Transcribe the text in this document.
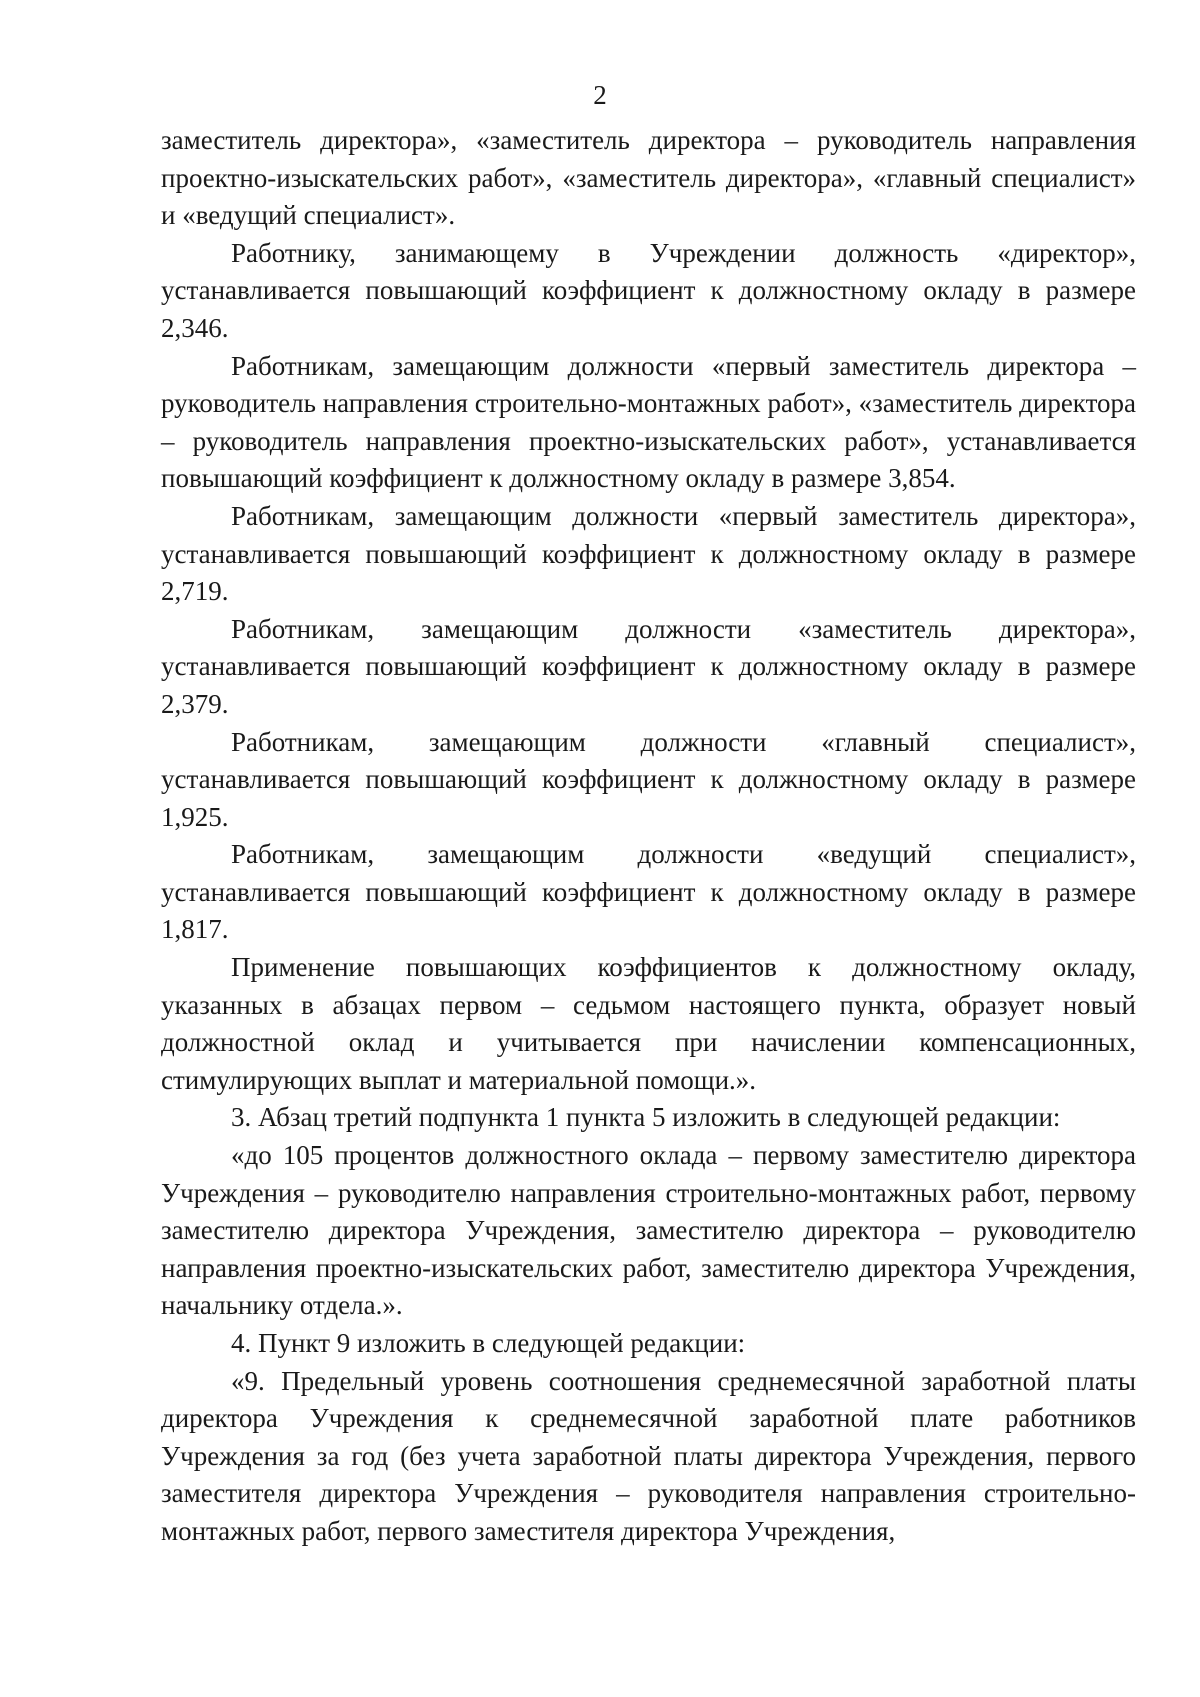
2

заместитель директора», «заместитель директора – руководитель направления проектно-изыскательских работ», «заместитель директора», «главный специалист» и «ведущий специалист».

Работнику, занимающему в Учреждении должность «директор», устанавливается повышающий коэффициент к должностному окладу в размере 2,346.

Работникам, замещающим должности «первый заместитель директора – руководитель направления строительно-монтажных работ», «заместитель директора – руководитель направления проектно-изыскательских работ», устанавливается повышающий коэффициент к должностному окладу в размере 3,854.

Работникам, замещающим должности «первый заместитель директора», устанавливается повышающий коэффициент к должностному окладу в размере 2,719.

Работникам, замещающим должности «заместитель директора», устанавливается повышающий коэффициент к должностному окладу в размере 2,379.

Работникам, замещающим должности «главный специалист», устанавливается повышающий коэффициент к должностному окладу в размере 1,925.

Работникам, замещающим должности «ведущий специалист», устанавливается повышающий коэффициент к должностному окладу в размере 1,817.

Применение повышающих коэффициентов к должностному окладу, указанных в абзацах первом – седьмом настоящего пункта, образует новый должностной оклад и учитывается при начислении компенсационных, стимулирующих выплат и материальной помощи.».

3. Абзац третий подпункта 1 пункта 5 изложить в следующей редакции:

«до 105 процентов должностного оклада – первому заместителю директора Учреждения – руководителю направления строительно-монтажных работ, первому заместителю директора Учреждения, заместителю директора – руководителю направления проектно-изыскательских работ, заместителю директора Учреждения, начальнику отдела.».

4. Пункт 9 изложить в следующей редакции:

«9. Предельный уровень соотношения среднемесячной заработной платы директора Учреждения к среднемесячной заработной плате работников Учреждения за год (без учета заработной платы директора Учреждения, первого заместителя директора Учреждения – руководителя направления строительно-монтажных работ, первого заместителя директора Учреждения,
